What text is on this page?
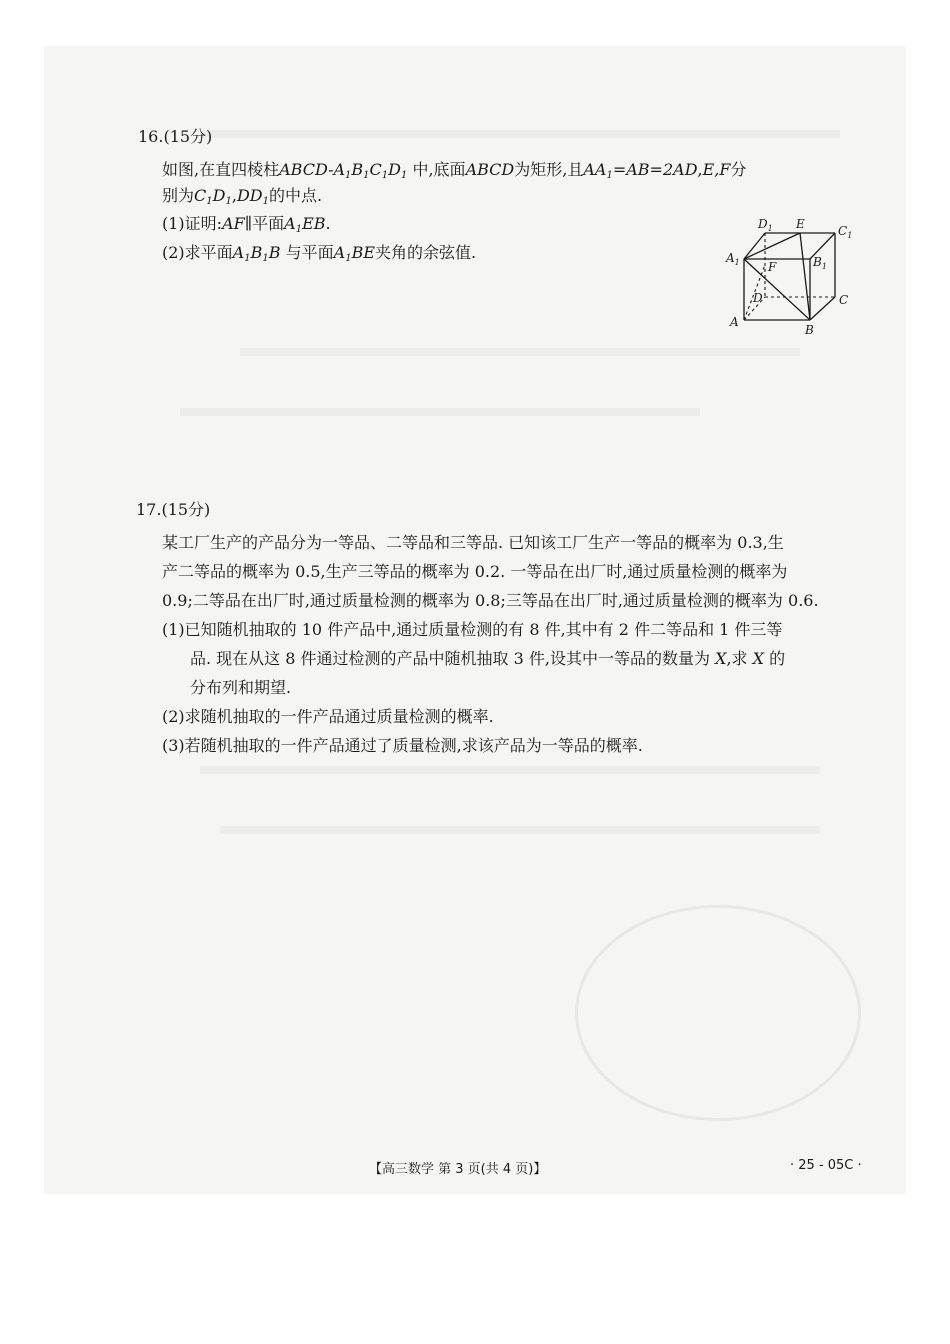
16.(15分)
如图,在直四棱柱ABCD-$A_1B_1C_1D_1$ 中,底面ABCD为矩形,且$AA_1=AB=2AD,E,F$分
别为$C_1D_1,DD_1$的中点.
(1)证明:AF∥平面$A_1EB$.
(2)求平面$A_1B_1B$ 与平面$A_1BE$夹角的余弦值.
$D_1$ E	$C_1$
$A_1$ F	$B_1$
D	C
A
B
17.(15分)
某工厂生产的产品分为一等品、二等品和三等品. 已知该工厂生产一等品的概率为 0.3,生
产二等品的概率为 0.5,生产三等品的概率为 0.2. 一等品在出厂时,通过质量检测的概率为
0.9;二等品在出厂时,通过质量检测的概率为 0.8;三等品在出厂时,通过质量检测的概率为 0.6.
(1)已知随机抽取的 10 件产品中,通过质量检测的有 8 件,其中有 2 件二等品和 1 件三等
品. 现在从这 8 件通过检测的产品中随机抽取 3 件,设其中一等品的数量为 X,求 X 的
分布列和期望.
(2)求随机抽取的一件产品通过质量检测的概率.
(3)若随机抽取的一件产品通过了质量检测,求该产品为一等品的概率.
【高三数学 第 3 页(共 4 页)】	· 25 - 05C ·
